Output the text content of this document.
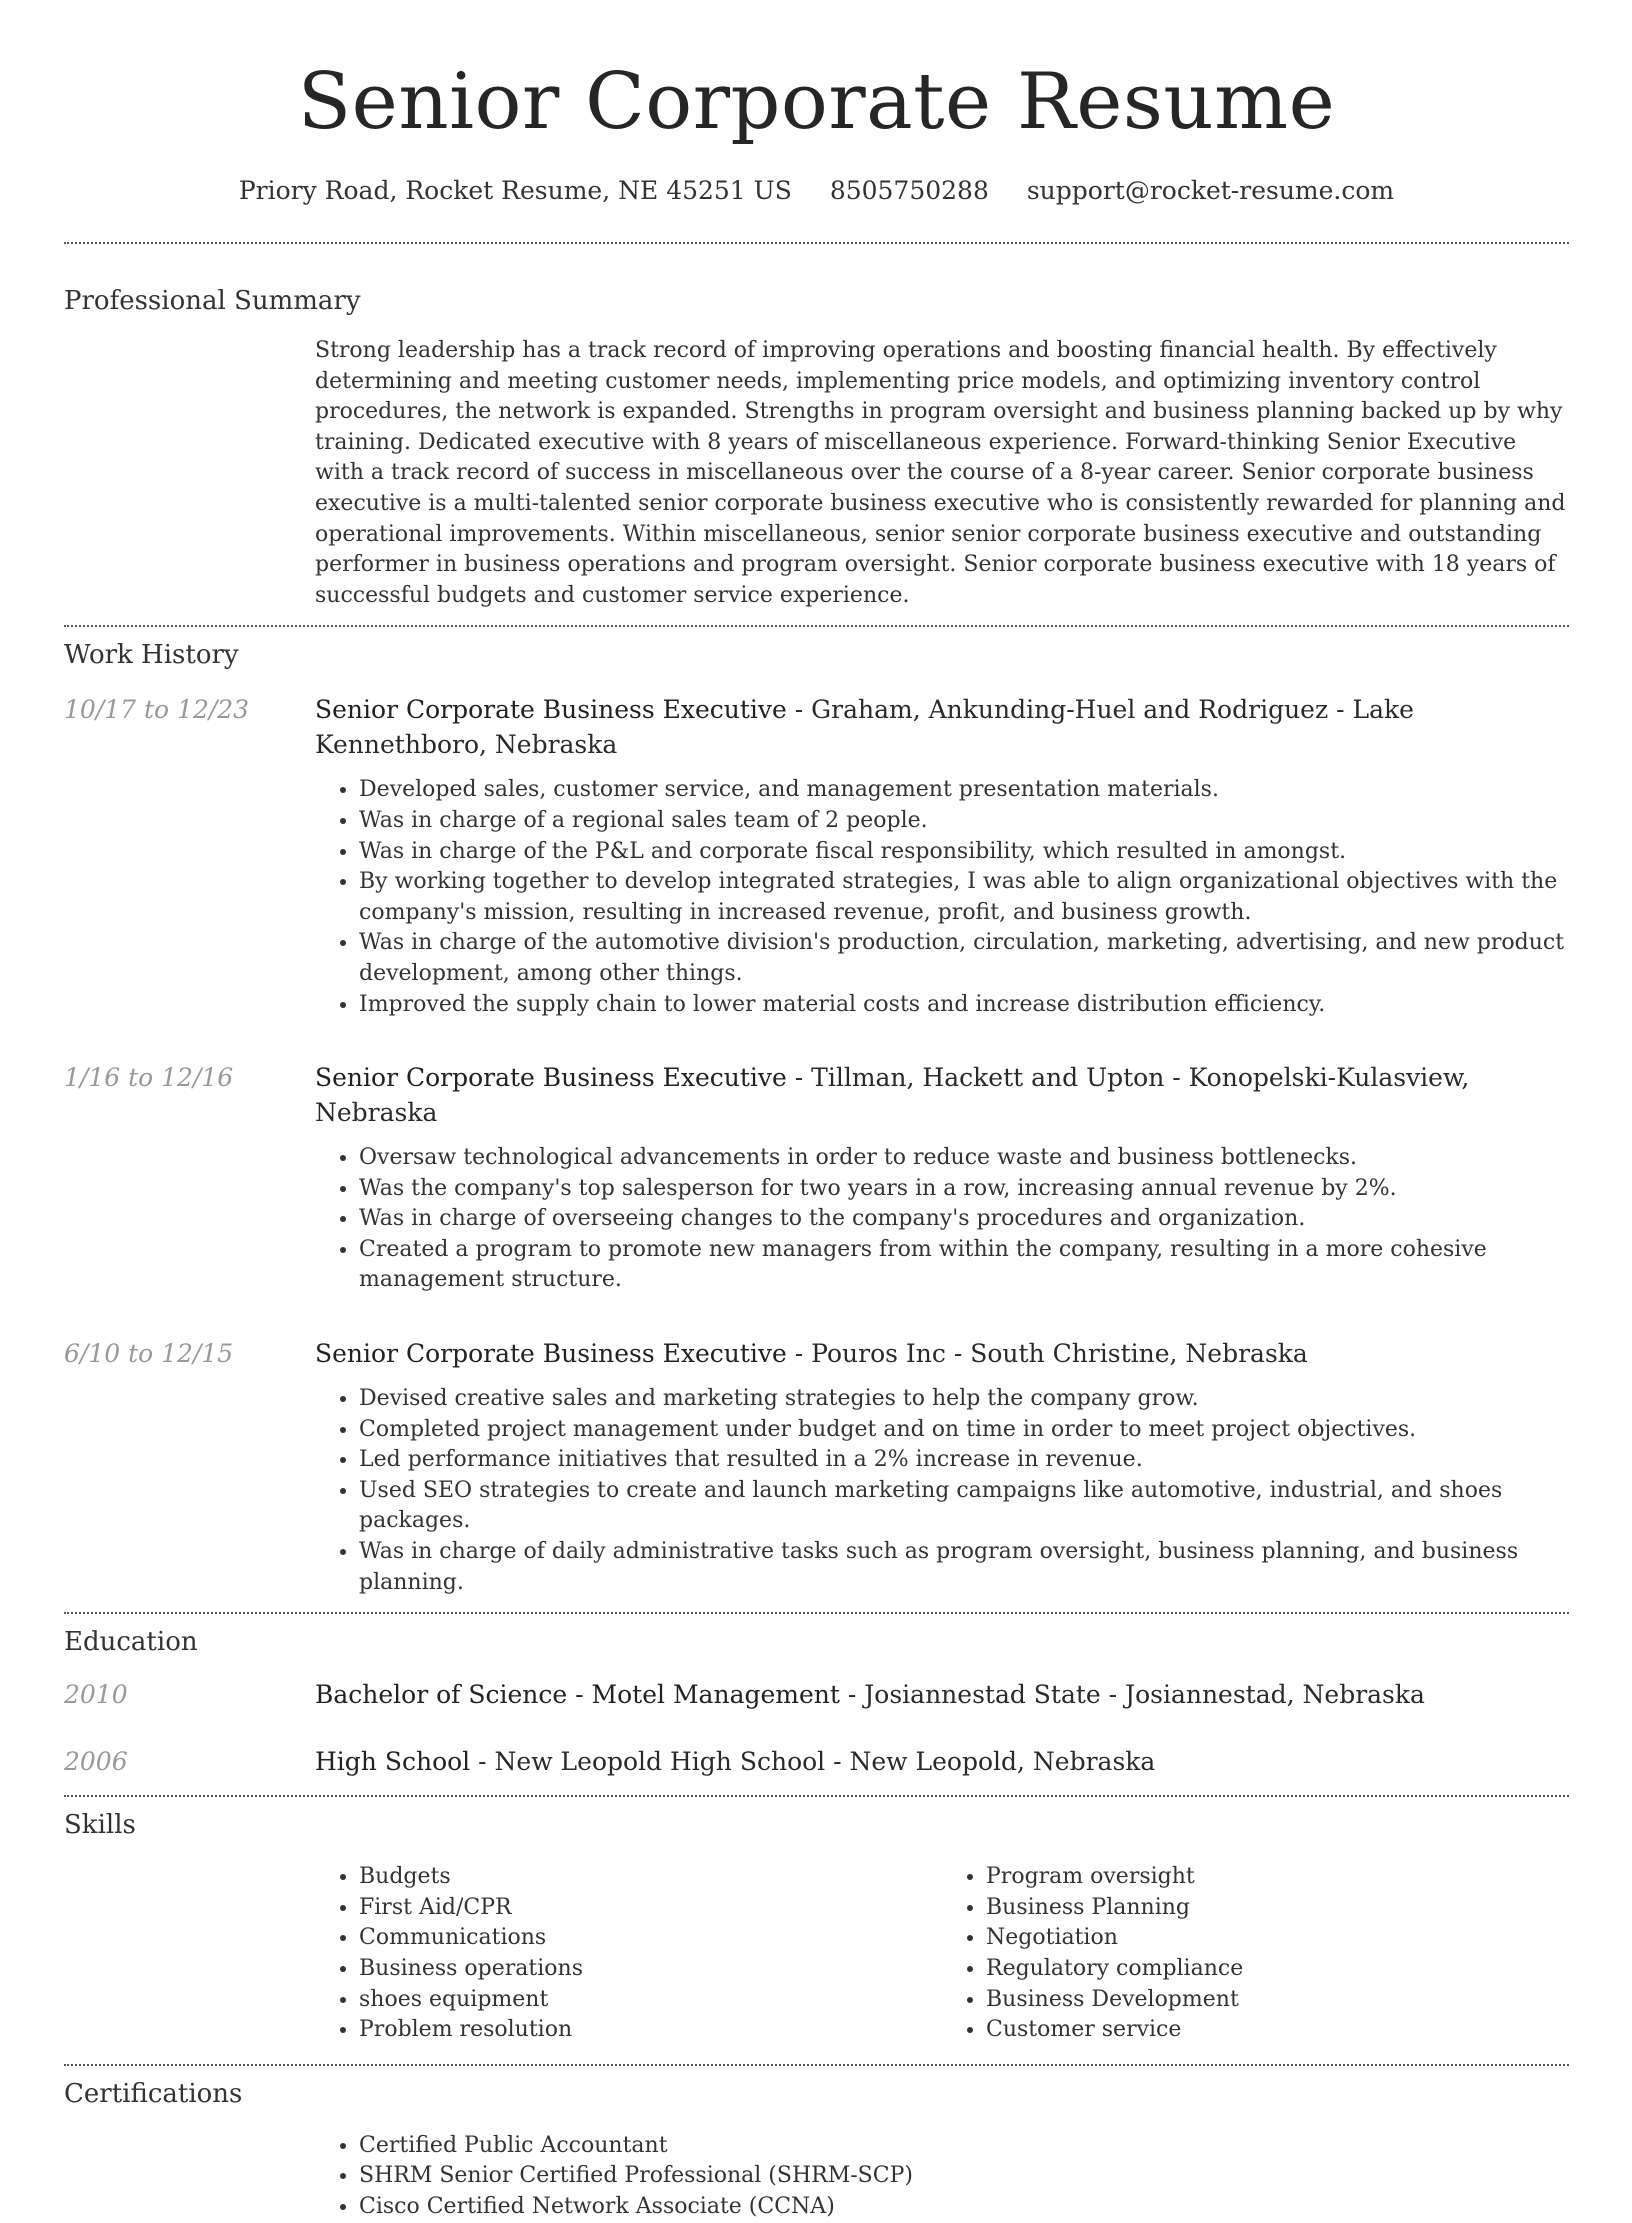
Senior Corporate Resume
Priory Road, Rocket Resume, NE 45251 US 8505750288 support@rocket-resume.com
Professional Summary
Strong leadership has a track record of improving operations and boosting financial health. By effectively determining and meeting customer needs, implementing price models, and optimizing inventory control procedures, the network is expanded. Strengths in program oversight and business planning backed up by why training. Dedicated executive with 8 years of miscellaneous experience. Forward-thinking Senior Executive with a track record of success in miscellaneous over the course of a 8-year career. Senior corporate business executive is a multi-talented senior corporate business executive who is consistently rewarded for planning and operational improvements. Within miscellaneous, senior senior corporate business executive and outstanding performer in business operations and program oversight. Senior corporate business executive with 18 years of successful budgets and customer service experience.
Work History
10/17 to 12/23	Senior Corporate Business Executive - Graham, Ankunding-Huel and Rodriguez - Lake Kennethboro, Nebraska
• Developed sales, customer service, and management presentation materials.
• Was in charge of a regional sales team of 2 people.
• Was in charge of the P&L and corporate fiscal responsibility, which resulted in amongst.
• By working together to develop integrated strategies, I was able to align organizational objectives with the company's mission, resulting in increased revenue, profit, and business growth.
• Was in charge of the automotive division's production, circulation, marketing, advertising, and new product development, among other things.
• Improved the supply chain to lower material costs and increase distribution efficiency.
1/16 to 12/16	Senior Corporate Business Executive - Tillman, Hackett and Upton - Konopelski-Kulasview, Nebraska
• Oversaw technological advancements in order to reduce waste and business bottlenecks.
• Was the company's top salesperson for two years in a row, increasing annual revenue by 2%.
• Was in charge of overseeing changes to the company's procedures and organization.
• Created a program to promote new managers from within the company, resulting in a more cohesive management structure.
6/10 to 12/15	Senior Corporate Business Executive - Pouros Inc - South Christine, Nebraska
• Devised creative sales and marketing strategies to help the company grow.
• Completed project management under budget and on time in order to meet project objectives.
• Led performance initiatives that resulted in a 2% increase in revenue.
• Used SEO strategies to create and launch marketing campaigns like automotive, industrial, and shoes packages.
• Was in charge of daily administrative tasks such as program oversight, business planning, and business planning.
Education
2010	Bachelor of Science - Motel Management - Josiannestad State - Josiannestad, Nebraska
2006	High School - New Leopold High School - New Leopold, Nebraska
Skills
• Budgets
• First Aid/CPR
• Communications
• Business operations
• shoes equipment
• Problem resolution
• Program oversight
• Business Planning
• Negotiation
• Regulatory compliance
• Business Development
• Customer service
Certifications
• Certified Public Accountant
• SHRM Senior Certified Professional (SHRM-SCP)
• Cisco Certified Network Associate (CCNA)
